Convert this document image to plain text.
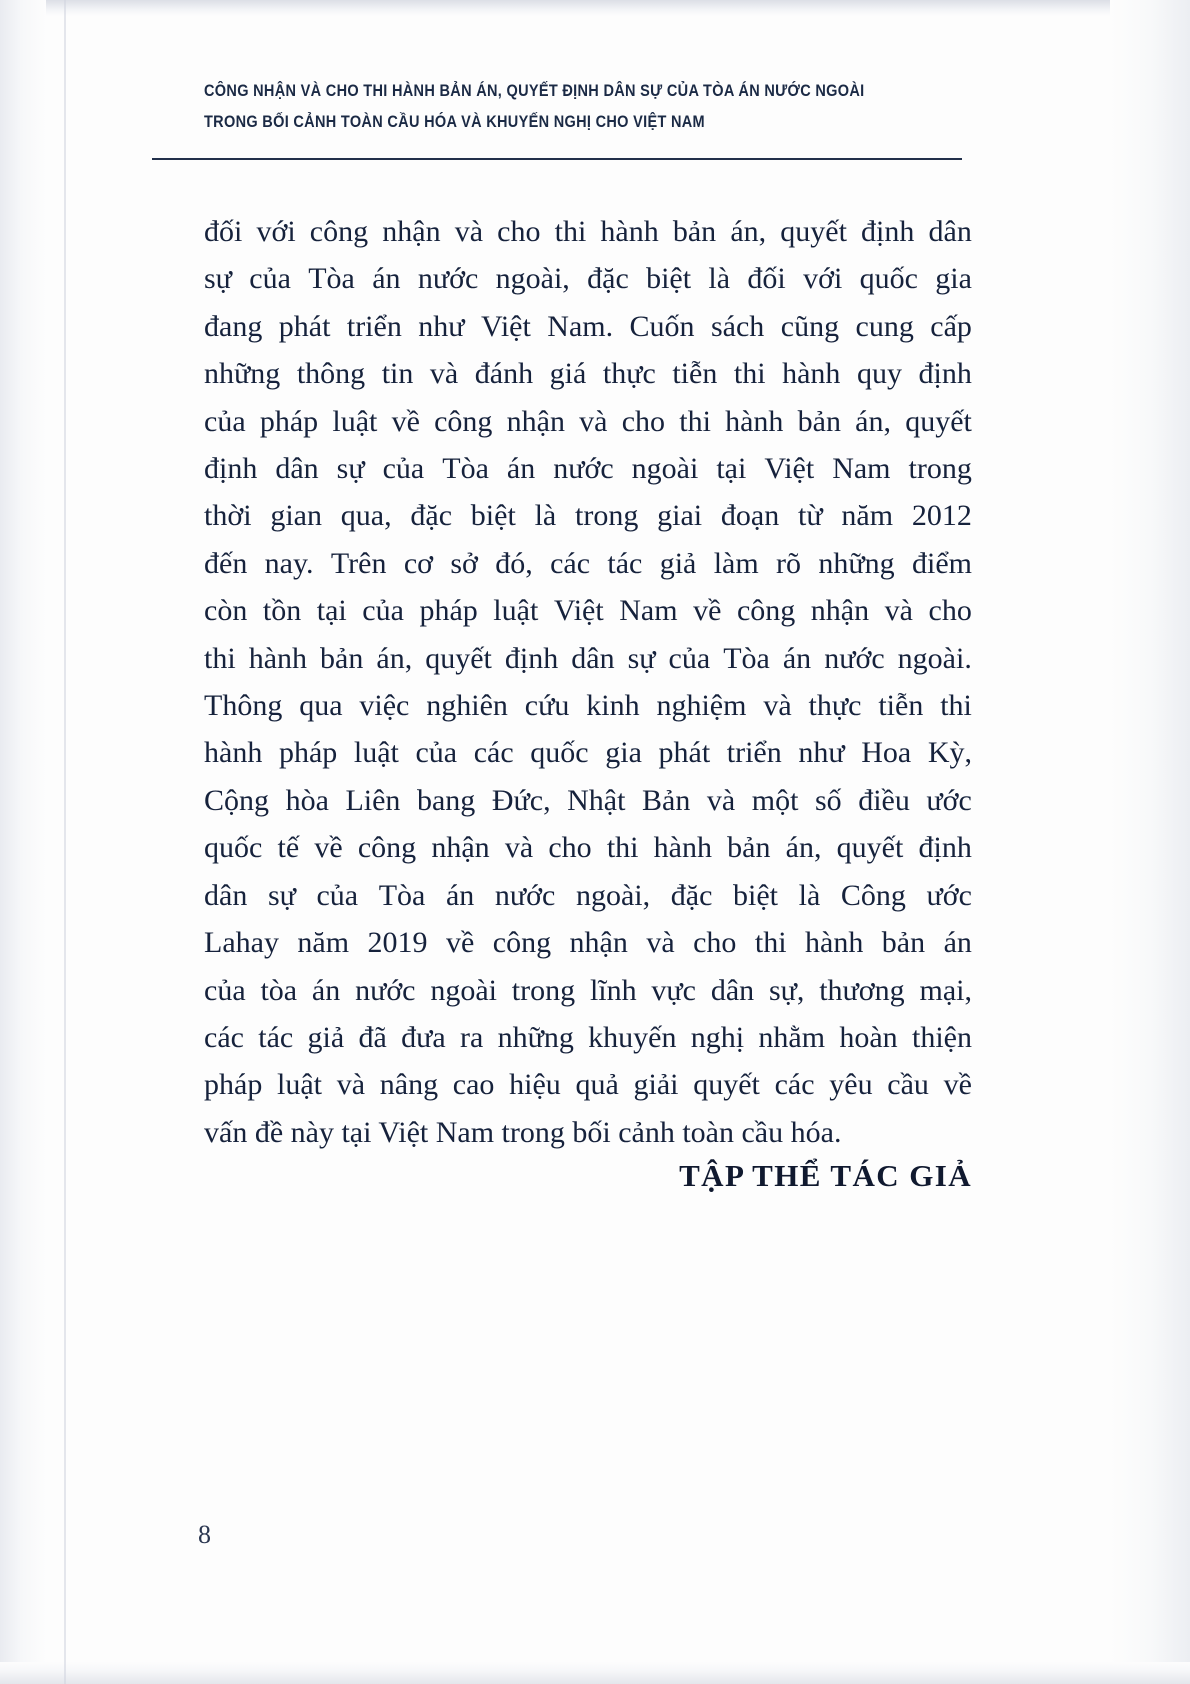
CÔNG NHẬN VÀ CHO THI HÀNH BẢN ÁN, QUYẾT ĐỊNH DÂN SỰ CỦA TÒA ÁN NƯỚC NGOÀI
TRONG BỐI CẢNH TOÀN CẦU HÓA VÀ KHUYẾN NGHỊ CHO VIỆT NAM
đối với công nhận và cho thi hành bản án, quyết định dân
sự của Tòa án nước ngoài, đặc biệt là đối với quốc gia
đang phát triển như Việt Nam. Cuốn sách cũng cung cấp
những thông tin và đánh giá thực tiễn thi hành quy định
của pháp luật về công nhận và cho thi hành bản án, quyết
định dân sự của Tòa án nước ngoài tại Việt Nam trong
thời gian qua, đặc biệt là trong giai đoạn từ năm 2012
đến nay. Trên cơ sở đó, các tác giả làm rõ những điểm
còn tồn tại của pháp luật Việt Nam về công nhận và cho
thi hành bản án, quyết định dân sự của Tòa án nước ngoài.
Thông qua việc nghiên cứu kinh nghiệm và thực tiễn thi
hành pháp luật của các quốc gia phát triển như Hoa Kỳ,
Cộng hòa Liên bang Đức, Nhật Bản và một số điều ước
quốc tế về công nhận và cho thi hành bản án, quyết định
dân sự của Tòa án nước ngoài, đặc biệt là Công ước
Lahay năm 2019 về công nhận và cho thi hành bản án
của tòa án nước ngoài trong lĩnh vực dân sự, thương mại,
các tác giả đã đưa ra những khuyến nghị nhằm hoàn thiện
pháp luật và nâng cao hiệu quả giải quyết các yêu cầu về
vấn đề này tại Việt Nam trong bối cảnh toàn cầu hóa.
TẬP THỂ TÁC GIẢ
8
